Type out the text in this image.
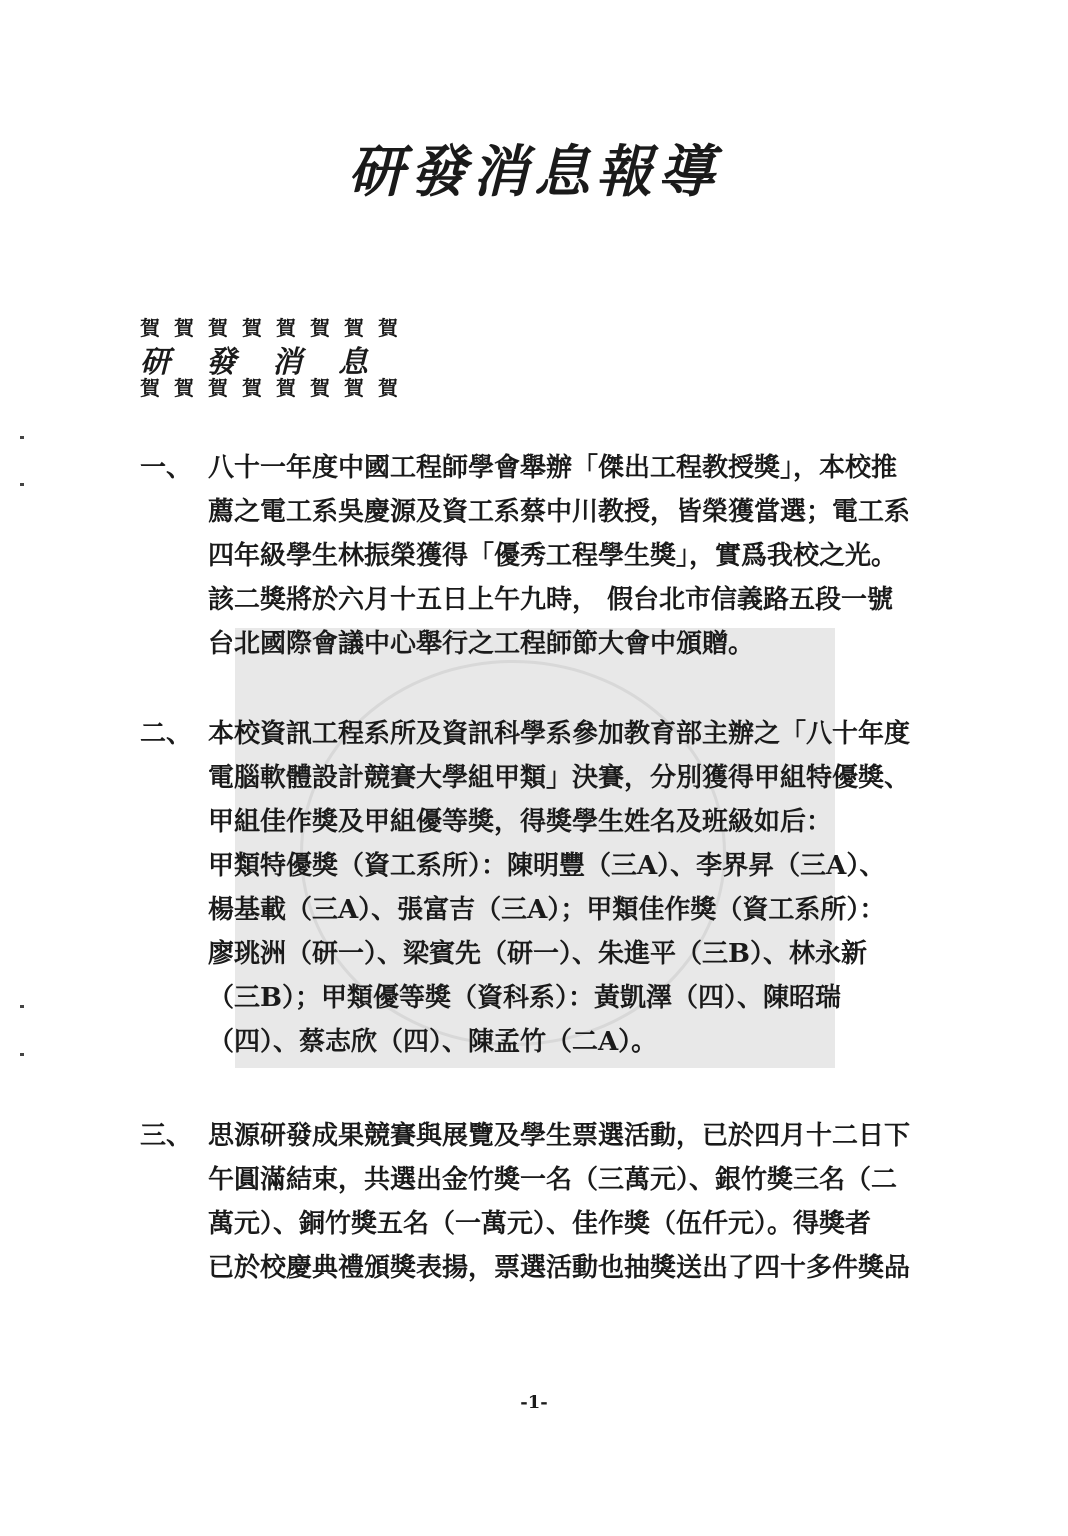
研發消息報導
賀賀賀賀賀賀賀賀
研發消息
賀賀賀賀賀賀賀賀
一、 八十一年度中國工程師學會舉辦「傑出工程教授獎」，本校推
薦之電工系吳慶源及資工系蔡中川教授，皆榮獲當選；電工系
四年級學生林振榮獲得「優秀工程學生獎」，實爲我校之光。
該二獎將於六月十五日上午九時， 假台北市信義路五段一號
台北國際會議中心舉行之工程師節大會中頒贈。
二、 本校資訊工程系所及資訊科學系參加教育部主辦之「八十年度
電腦軟體設計競賽大學組甲類」決賽，分別獲得甲組特優獎、
甲組佳作獎及甲組優等獎，得獎學生姓名及班級如后：
甲類特優獎（資工系所）：陳明豐（三A）、李界昇（三A）、
楊基載（三A）、張富吉（三A）；甲類佳作獎（資工系所）：
廖珧洲（研一）、梁賓先（研一）、朱進平（三B）、林永新
（三B）；甲類優等獎（資科系）：黃凱澤（四）、陳昭瑞
（四）、蔡志欣（四）、陳孟竹（二A）。
三、 思源研發成果競賽與展覽及學生票選活動，已於四月十二日下
午圓滿結束，共選出金竹獎一名（三萬元）、銀竹獎三名（二
萬元）、銅竹獎五名（一萬元）、佳作獎（伍仟元）。得獎者
已於校慶典禮頒獎表揚，票選活動也抽獎送出了四十多件獎品
-1-
